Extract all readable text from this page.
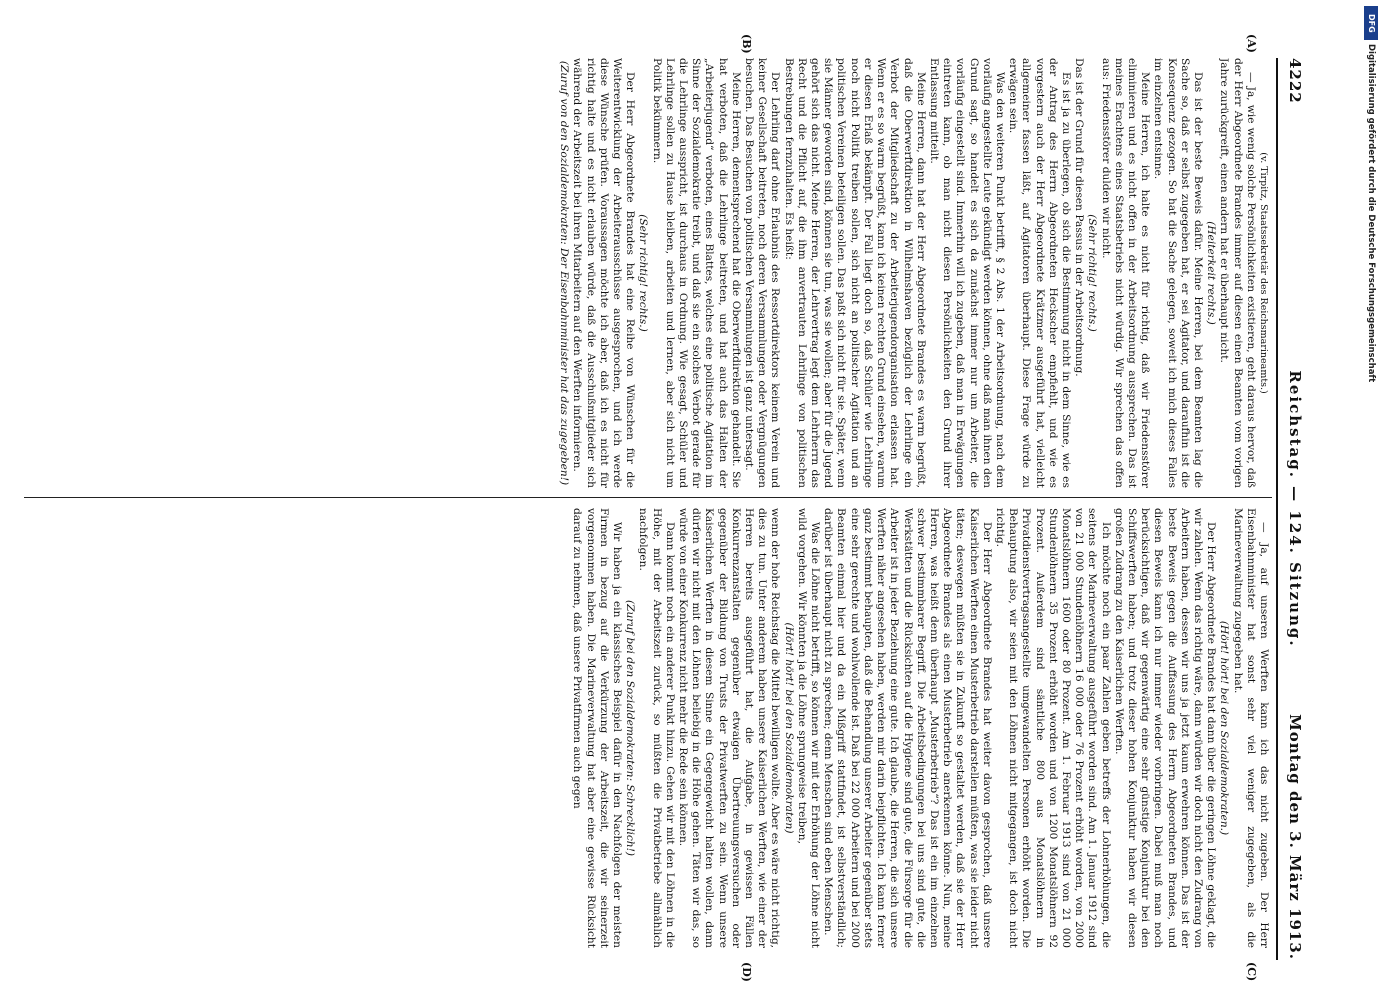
4222
Reichstag. — 124. Sitzung.
Montag den 3. März 1913.
(A)
(B)
(C)
(D)

(v. Tirpitz, Staatssekretär des Reichsmarineamts.)

— Ja, wie wenig solche Persönlichkeiten existieren, geht daraus hervor, daß der Herr Abgeordnete Brandes immer auf diesen einen Beamten vom vorigen Jahre zurückgreift, einen andern hat er überhaupt nicht.

(Heiterkeit rechts.)

Das ist der beste Beweis dafür. Meine Herren, bei dem Beamten lag die Sache so, daß er selbst zugegeben hat, er sei Agitator, und daraufhin ist die Konsequenz gezogen. So hat die Sache gelegen, soweit ich mich dieses Falles im einzelnen entsinne.

Meine Herren, ich halte es nicht für richtig, daß wir Friedensstörer eliminieren und es nicht offen in der Arbeitsordnung aussprechen. Das ist meines Erachtens eines Staatsbetriebs nicht würdig. Wir sprechen das offen aus: Friedensstörer dulden wir nicht.

(Sehr richtig! rechts.)

Das ist der Grund für diesen Passus in der Arbeitsordnung.

Es ist ja zu überlegen, ob sich die Bestimmung nicht in dem Sinne, wie es der Antrag des Herrn Abgeordneten Heckscher empfiehlt, und wie es vorgestern auch der Herr Abgeordnete Krätzmer ausgeführt hat, vielleicht allgemeiner fassen läßt, auf Agitatoren überhaupt. Diese Frage würde zu erwägen sein.

Was den weiteren Punkt betrifft, § 2 Abs. 1 der Arbeitsordnung, nach dem vorläufig angestellte Leute gekündigt werden können, ohne daß man ihnen den Grund sagt, so handelt es sich da zunächst immer nur um Arbeiter, die vorläufig eingestellt sind. Immerhin will ich zugeben, daß man in Erwägungen eintreten kann, ob man nicht diesen Persönlichkeiten den Grund ihrer Entlassung mitteilt.

Meine Herren, dann hat der Herr Abgeordnete Brandes es warm begrüßt, daß die Oberwerftdirektion in Wilhelmshaven bezüglich der Lehrlinge ein Verbot der Mitgliedschaft zu der Arbeiterjugendorganisation erlassen hat. Wenn er es so warm begrüßt, kann ich keinen rechten Grund einsehen, warum er diesen Erlaß bekämpft. Der Fall liegt doch so, daß Schüler wie Lehrlinge noch nicht Politik treiben sollen, sich nicht an politischer Agitation und an politischen Vereinen beteiligen sollen. Das paßt sich nicht für sie. Später, wenn sie Männer geworden sind, können sie tun, was sie wollen; aber für die Jugend gehört sich das nicht. Meine Herren, der Lehrvertrag legt dem Lehrherrn das Recht und die Pflicht auf, die ihm anvertrauten Lehrlinge von politischen Bestrebungen fernzuhalten. Es heißt:

Der Lehrling darf ohne Erlaubnis des Ressortdirektors keinem Verein und keiner Gesellschaft beitreten, noch deren Versammlungen oder Vergnügungen besuchen. Das Besuchen von politischen Versammlungen ist ganz untersagt.

Meine Herren, dementsprechend hat die Oberwerftdirektion gehandelt. Sie hat verboten, daß die Lehrlinge beitreten, und hat auch das Halten der „Arbeiterjugend“ verboten, eines Blattes, welches eine politische Agitation im Sinne der Sozialdemokratie treibt, und daß sie ein solches Verbot gerade für die Lehrlinge ausspricht, ist durchaus in Ordnung. Wie gesagt, Schüler und Lehrlinge sollen zu Hause bleiben, arbeiten und lernen, aber sich nicht um Politik bekümmern.

(Sehr richtig! rechts.)

Der Herr Abgeordnete Brandes hat eine Reihe von Wünschen für die Weiterentwicklung der Arbeiterausschüsse ausgesprochen, und ich werde diese Wünsche prüfen. Voraussagen möchte ich aber, daß ich es nicht für richtig halte und es nicht erlauben würde, daß die Ausschußmitglieder sich während der Arbeitszeit bei ihren Mitarbeitern auf den Werften informieren.

(Zuruf von den Sozialdemokraten: Der Eisenbahnminister hat das zugegeben!)

— Ja, auf unseren Werften kann ich das nicht zugeben. Der Herr Eisenbahnminister hat sonst sehr viel weniger zugegeben, als die Marineverwaltung zugegeben hat.

(Hört! hört! bei den Sozialdemokraten.)

Der Herr Abgeordnete Brandes hat dann über die geringen Löhne geklagt, die wir zahlen. Wenn das richtig wäre, dann würden wir doch nicht den Zudrang von Arbeitern haben, dessen wir uns ja jetzt kaum erwehren können. Das ist der beste Beweis gegen die Auffassung des Herrn Abgeordneten Brandes, und diesen Beweis kann ich nur immer wieder vorbringen. Dabei muß man noch berücksichtigen, daß wir gegenwärtig eine sehr günstige Konjunktur bei den Schiffswerften haben; und trotz dieser hohen Konjunktur haben wir diesen großen Zudrang zu den Kaiserlichen Werften.

Ich möchte noch ein paar Zahlen geben betreffs der Lohnerhöhungen, die seitens der Marineverwaltung ausgeführt worden sind. Am 1. Januar 1912 sind von 21 000 Stundenlöhnern 16 000 oder 76 Prozent erhöht worden, von 2000 Monatslöhnern 1600 oder 80 Prozent. Am 1. Februar 1913 sind von 21 000 Stundenlöhnern 35 Prozent erhöht worden und von 1200 Monatslöhnern 92 Prozent. Außerdem sind sämtliche 800 aus Monatslöhnern in Privatdienstvertragsangestellte umgewandelten Personen erhöht worden. Die Behauptung also, wir seien mit den Löhnen nicht mitgegangen, ist doch nicht richtig.

Der Herr Abgeordnete Brandes hat weiter davon gesprochen, daß unsere Kaiserlichen Werften einen Musterbetrieb darstellen müßten, was sie leider nicht täten; deswegen müßten sie in Zukunft so gestaltet werden, daß sie der Herr Abgeordnete Brandes als einen Musterbetrieb anerkennen könne. Nun, meine Herren, was heißt denn überhaupt „Musterbetrieb“? Das ist ein im einzelnen schwer bestimmbarer Begriff. Die Arbeitsbedingungen bei uns sind gute, die Werkstätten und die Rücksichten auf die Hygiene sind gute, die Fürsorge für die Arbeiter ist in jeder Beziehung eine gute. Ich glaube, die Herren, die sich unsere Werften näher angesehen haben, werden mir darin beipflichten. Ich kann ferner ganz bestimmt behaupten, daß die Behandlung unserer Arbeiter gegenüber stets eine sehr gerechte und wohlwollende ist. Daß bei 22 000 Arbeitern und bei 2000 Beamten einmal hier und da ein Mißgriff stattfindet, ist selbstverständlich; darüber ist überhaupt nicht zu sprechen; denn Menschen sind eben Menschen.

Was die Löhne nicht betrifft, so können wir mit der Erhöhung der Löhne nicht wild vorgehen. Wir könnten ja die Löhne sprungweise treiben,

(Hört! hört! bei den Sozialdemokraten)

wenn der hohe Reichstag die Mittel bewilligen wollte. Aber es wäre nicht richtig, dies zu tun. Unter anderem haben unsere Kaiserlichen Werften, wie einer der Herren bereits ausgeführt hat, die Aufgabe, in gewissen Fällen Konkurrenzanstalten gegenüber etwaigen Übertreuungsversuchen oder gegenüber der Bildung von Trusts der Privatwerften zu sein. Wenn unsere Kaiserlichen Werften in diesem Sinne ein Gegengewicht halten wollen, dann dürfen wir nicht mit den Löhnen beliebig in die Höhe gehen. Täten wir das, so würde von einer Konkurrenz nicht mehr die Rede sein können.

Dann kommt noch ein anderer Punkt hinzu. Gehen wir mit den Löhnen in die Höhe, mit der Arbeitszeit zurück, so müßten die Privatbetriebe allmählich nachfolgen.

(Zuruf bei den Sozialdemokraten: Schrecklich!)

Wir haben ja ein klassisches Beispiel dafür in den Nachfolgen der meisten Firmen in bezug auf die Verkürzung der Arbeitszeit, die wir seinerzeit vorgenommen haben. Die Marineverwaltung hat aber eine gewisse Rücksicht darauf zu nehmen, daß unsere Privatfirmen auch gegen

DFG
Digitalisierung gefördert durch die Deutsche Forschungsgemeinschaft
